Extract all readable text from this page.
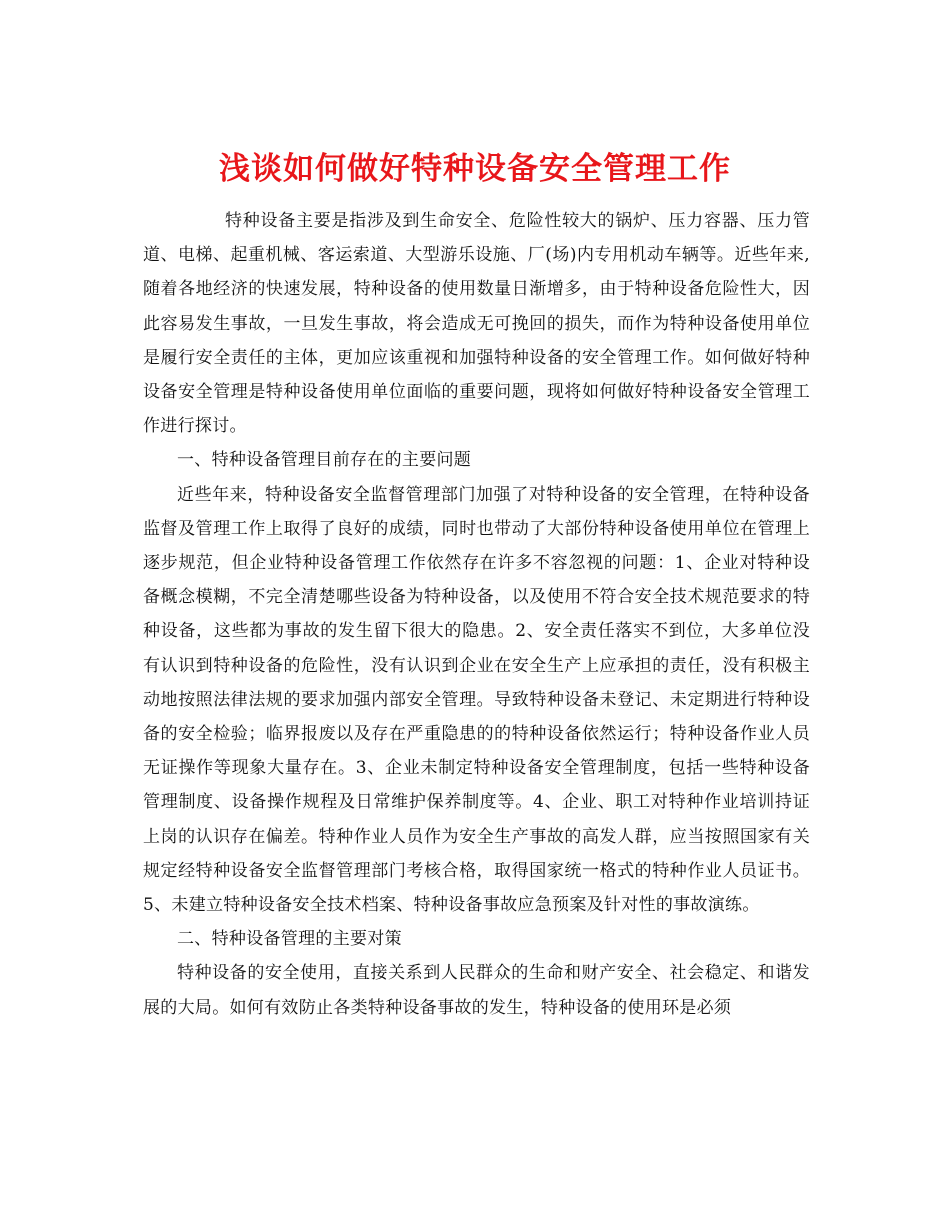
浅谈如何做好特种设备安全管理工作

特种设备主要是指涉及到生命安全、危险性较大的锅炉、压力容器、压力管道、电梯、起重机械、客运索道、大型游乐设施、厂(场)内专用机动车辆等。近些年来,随着各地经济的快速发展，特种设备的使用数量日渐增多，由于特种设备危险性大，因此容易发生事故，一旦发生事故，将会造成无可挽回的损失，而作为特种设备使用单位是履行安全责任的主体，更加应该重视和加强特种设备的安全管理工作。如何做好特种设备安全管理是特种设备使用单位面临的重要问题，现将如何做好特种设备安全管理工作进行探讨。

一、特种设备管理目前存在的主要问题

近些年来，特种设备安全监督管理部门加强了对特种设备的安全管理，在特种设备监督及管理工作上取得了良好的成绩，同时也带动了大部份特种设备使用单位在管理上逐步规范，但企业特种设备管理工作依然存在许多不容忽视的问题：1、企业对特种设备概念模糊，不完全清楚哪些设备为特种设备，以及使用不符合安全技术规范要求的特种设备，这些都为事故的发生留下很大的隐患。2、安全责任落实不到位，大多单位没有认识到特种设备的危险性，没有认识到企业在安全生产上应承担的责任，没有积极主动地按照法律法规的要求加强内部安全管理。导致特种设备未登记、未定期进行特种设备的安全检验；临界报废以及存在严重隐患的的特种设备依然运行；特种设备作业人员无证操作等现象大量存在。3、企业未制定特种设备安全管理制度，包括一些特种设备管理制度、设备操作规程及日常维护保养制度等。4、企业、职工对特种作业培训持证上岗的认识存在偏差。特种作业人员作为安全生产事故的高发人群，应当按照国家有关规定经特种设备安全监督管理部门考核合格，取得国家统一格式的特种作业人员证书。5、未建立特种设备安全技术档案、特种设备事故应急预案及针对性的事故演练。

二、特种设备管理的主要对策

特种设备的安全使用，直接关系到人民群众的生命和财产安全、社会稳定、和谐发展的大局。如何有效防止各类特种设备事故的发生，特种设备的使用环是必须
